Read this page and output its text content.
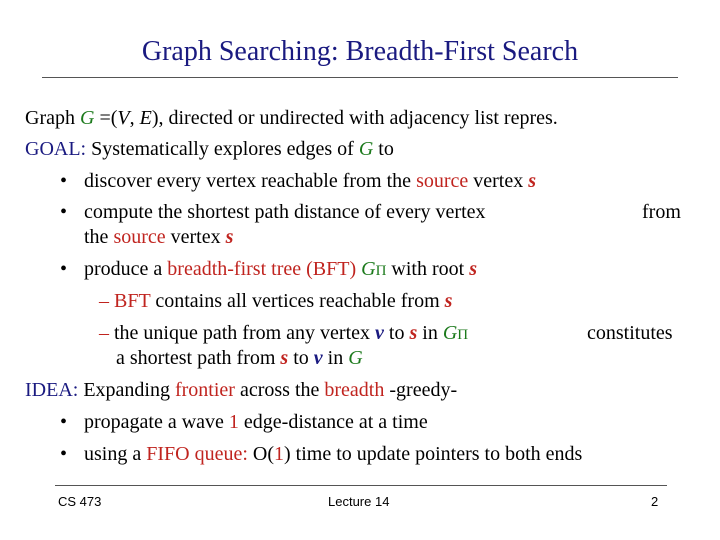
Graph Searching: Breadth-First Search
Graph G =(V, E), directed or undirected with adjacency list repres.
GOAL: Systematically explores edges of G to
• discover every vertex reachable from the source vertex s
• compute the shortest path distance of every vertex	from
the source vertex s
• produce a breadth-first tree (BFT) GΠ with root s
– BFT contains all vertices reachable from s
– the unique path from any vertex v to s in GΠ	constitutes
a shortest path from s to v in G
IDEA: Expanding frontier across the breadth -greedy-
• propagate a wave 1 edge-distance at a time
• using a FIFO queue: O(1) time to update pointers to both ends
CS 473	Lecture 14	2
